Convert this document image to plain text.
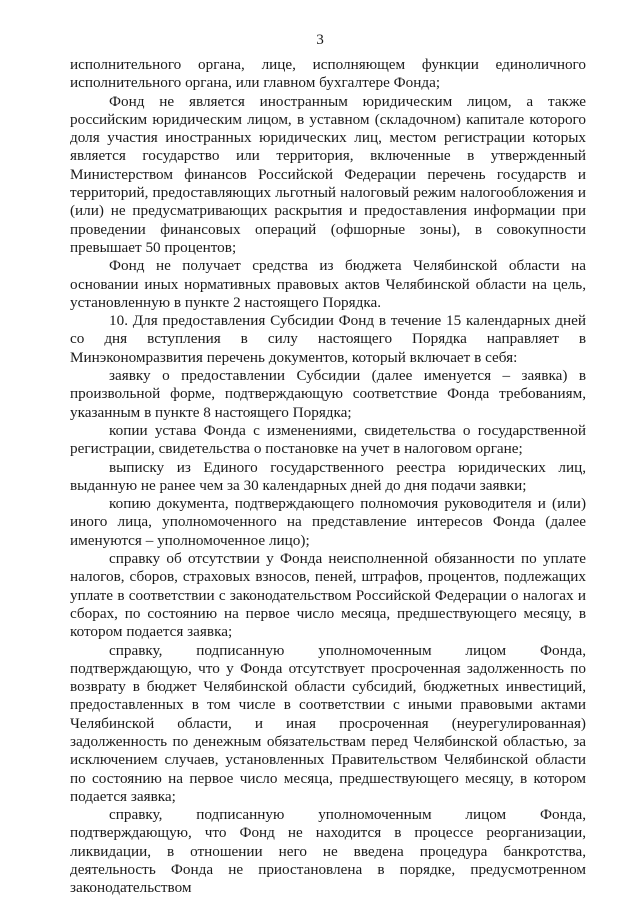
3

исполнительного органа, лице, исполняющем функции единоличного исполнительного органа, или главном бухгалтере Фонда;

Фонд не является иностранным юридическим лицом, а также российским юридическим лицом, в уставном (складочном) капитале которого доля участия иностранных юридических лиц, местом регистрации которых является государство или территория, включенные в утвержденный Министерством финансов Российской Федерации перечень государств и территорий, предоставляющих льготный налоговый режим налогообложения и (или) не предусматривающих раскрытия и предоставления информации при проведении финансовых операций (офшорные зоны), в совокупности превышает 50 процентов;

Фонд не получает средства из бюджета Челябинской области на основании иных нормативных правовых актов Челябинской области на цель, установленную в пункте 2 настоящего Порядка.

10. Для предоставления Субсидии Фонд в течение 15 календарных дней со дня вступления в силу настоящего Порядка направляет в Минэкономразвития перечень документов, который включает в себя:

заявку о предоставлении Субсидии (далее именуется – заявка) в произвольной форме, подтверждающую соответствие Фонда требованиям, указанным в пункте 8 настоящего Порядка;

копии устава Фонда с изменениями, свидетельства о государственной регистрации, свидетельства о постановке на учет в налоговом органе;

выписку из Единого государственного реестра юридических лиц, выданную не ранее чем за 30 календарных дней до дня подачи заявки;

копию документа, подтверждающего полномочия руководителя и (или) иного лица, уполномоченного на представление интересов Фонда (далее именуются – уполномоченное лицо);

справку об отсутствии у Фонда неисполненной обязанности по уплате налогов, сборов, страховых взносов, пеней, штрафов, процентов, подлежащих уплате в соответствии с законодательством Российской Федерации о налогах и сборах, по состоянию на первое число месяца, предшествующего месяцу, в котором подается заявка;

справку, подписанную уполномоченным лицом Фонда, подтверждающую, что у Фонда отсутствует просроченная задолженность по возврату в бюджет Челябинской области субсидий, бюджетных инвестиций, предоставленных в том числе в соответствии с иными правовыми актами Челябинской области, и иная просроченная (неурегулированная) задолженность по денежным обязательствам перед Челябинской областью, за исключением случаев, установленных Правительством Челябинской области по состоянию на первое число месяца, предшествующего месяцу, в котором подается заявка;

справку, подписанную уполномоченным лицом Фонда, подтверждающую, что Фонд не находится в процессе реорганизации, ликвидации, в отношении него не введена процедура банкротства, деятельность Фонда не приостановлена в порядке, предусмотренном законодательством
